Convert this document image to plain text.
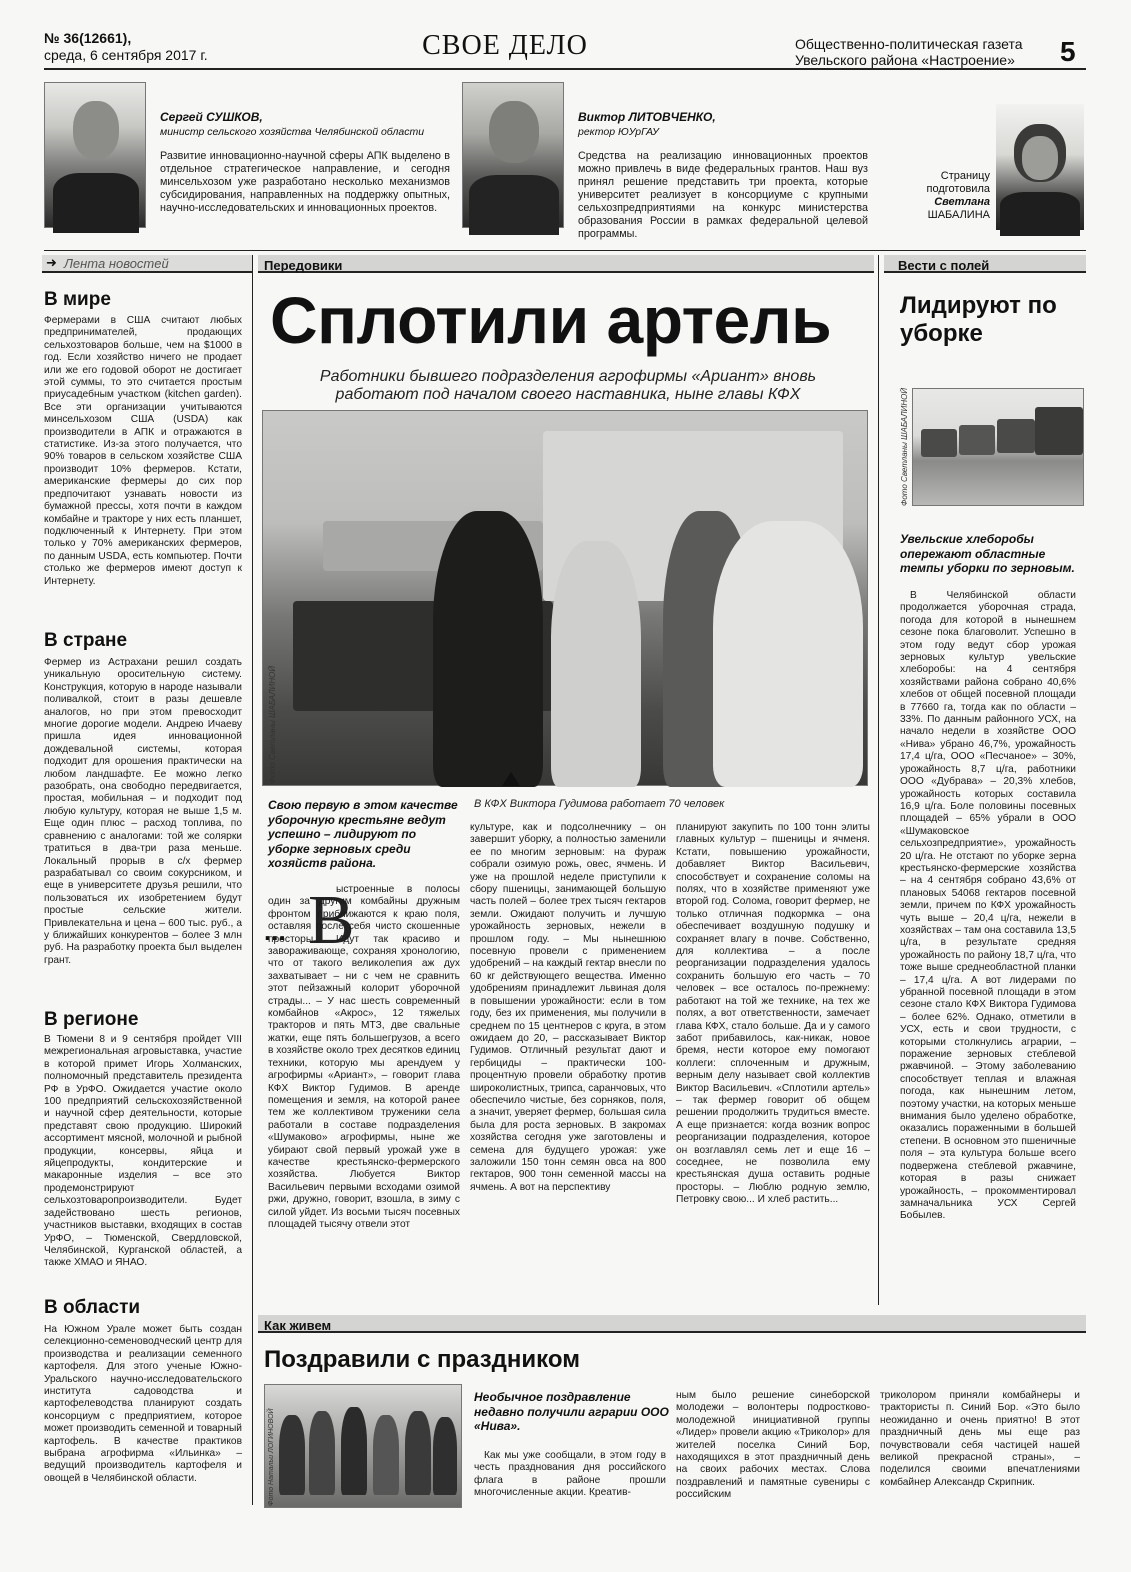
№ 36(12661),
среда, 6 сентября 2017 г.	СВОЕ ДЕЛО	Общественно-политическая газета
Увельского района «Настроение» 5
Сергей СУШКОВ,
министр сельского хозяйства Челябинской области
Развитие инновационно-научной сферы АПК выделено в отдельное стратегическое направление, и сегодня минсельхозом уже разработано несколько механизмов субсидирования, направленных на поддержку опытных, научно-исследовательских и инновационных проектов.
Виктор ЛИТОВЧЕНКО,
ректор ЮУрГАУ
Средства на реализацию инновационных проектов можно привлечь в виде федеральных грантов. Наш вуз принял решение представить три проекта, которые университет реализует в консорциуме с крупными сельхозпредприятиями на конкурс министерства образования России в рамках федеральной целевой программы.
Страницу
подготовила
Светлана
ШАБАЛИНА
➜ Лента новостей
В мире
Фермерами в США считают любых предпринимателей, продающих сельхозтоваров больше, чем на $1000 в год. Если хозяйство ничего не продает или же его годовой оборот не достигает этой суммы, то это считается простым приусадебным участком (kitchen garden). Все эти организации учитываются минсельхозом США (USDA) как производители в АПК и отражаются в статистике. Из-за этого получается, что 90% товаров в сельском хозяйстве США производит 10% фермеров. Кстати, американские фермеры до сих пор предпочитают узнавать новости из бумажной прессы, хотя почти в каждом комбайне и тракторе у них есть планшет, подключенный к Интернету. При этом только у 70% американских фермеров, по данным USDA, есть компьютер. Почти столько же фермеров имеют доступ к Интернету.
В стране
Фермер из Астрахани решил создать уникальную оросительную систему. Конструкция, которую в народе называли поливалкой, стоит в разы дешевле аналогов, но при этом превосходит многие дорогие модели. Андрею Ичаеву пришла идея инновационной дождевальной системы, которая подходит для орошения практически на любом ландшафте. Ее можно легко разобрать, она свободно передвигается, простая, мобильная – и подходит под любую культуру, которая не выше 1,5 м. Еще один плюс – расход топлива, по сравнению с аналогами: той же солярки тратиться в два-три раза меньше. Локальный прорыв в с/х фермер разрабатывал со своим сокурсником, и еще в университете друзья решили, что пользоваться их изобретением будут простые сельские жители. Привлекательна и цена – 600 тыс. руб., а у ближайших конкурентов – более 3 млн руб. На разработку проекта был выделен грант.
В регионе
В Тюмени 8 и 9 сентября пройдет VIII межрегиональная агровыставка, участие в которой примет Игорь Холманских, полномочный представитель президента РФ в УрФО. Ожидается участие около 100 предприятий сельскохозяйственной и научной сфер деятельности, которые представят свою продукцию. Широкий ассортимент мясной, молочной и рыбной продукции, консервы, яйца и яйцепродукты, кондитерские и макаронные изделия – все это продемонстрируют сельхозтоваропроизводители. Будет задействовано шесть регионов, участников выставки, входящих в состав УрФО, – Тюменской, Свердловской, Челябинской, Курганской областей, а также ХМАО и ЯНАО.
В области
На Южном Урале может быть создан селекционно-семеноводческий центр для производства и реализации семенного картофеля. Для этого ученые Южно-Уральского научно-исследовательского института садоводства и картофелеводства планируют создать консорциум с предприятием, которое может производить семенной и товарный картофель. В качестве практиков выбрана агрофирма «Ильинка» – ведущий производитель картофеля и овощей в Челябинской области.
Передовики
Сплотили артель
Работники бывшего подразделения агрофирмы «Ариант» вновь работают под началом своего наставника, ныне главы КФХ
Фото Светланы ШАБАЛИНОЙ
В КФХ Виктора Гудимова работает 70 человек
Свою первую в этом качестве уборочную крестьяне ведут успешно – лидируют по уборке зерновых среди хозяйств района.
... В
ыстроенные в полосы один за другим комбайны дружным фронтом приближаются к краю поля, оставляя после себя чисто скошенные просторы... Идут так красиво и завораживающе, сохраняя хронологию, что от такого великолепия аж дух захватывает – ни с чем не сравнить этот пейзажный колорит уборочной страды... – У нас шесть современный комбайнов «Акрос», 12 тяжелых тракторов и пять МТЗ, две свальные жатки, еще пять большегрузов, а всего в хозяйстве около трех десятков единиц техники, которую мы арендуем у агрофирмы «Ариант», – говорит глава КФХ Виктор Гудимов. В аренде помещения и земля, на которой ранее тем же коллективом труженики села работали в составе подразделения «Шумаково» агрофирмы, ныне же убирают свой первый урожай уже в качестве крестьянско-фермерского хозяйства. Любуется Виктор Васильевич первыми всходами озимой ржи, дружно, говорит, взошла, в зиму с силой уйдет. Из восьми тысяч посевных площадей тысячу отвели этот
культуре, как и подсолнечнику – он завершит уборку, а полностью заменили ее по многим зерновым: на фураж собрали озимую рожь, овес, ячмень. И уже на прошлой неделе приступили к сбору пшеницы, занимающей большую часть полей – более трех тысяч гектаров земли. Ожидают получить и лучшую урожайность зерновых, нежели в прошлом году. – Мы нынешнюю посевную провели с применением удобрений – на каждый гектар внесли по 60 кг действующего вещества. Именно удобрениям принадлежит львиная доля в повышении урожайности: если в том году, без их применения, мы получили в среднем по 15 центнеров с круга, в этом ожидаем до 20, – рассказывает Виктор Гудимов. Отличный результат дают и гербициды – практически 100-процентную провели обработку против широколистных, трипса, саранчовых, что обеспечило чистые, без сорняков, поля, а значит, уверяет фермер, большая сила была для роста зерновых. В закромах хозяйства сегодня уже заготовлены и семена для будущего урожая: уже заложили 150 тонн семян овса на 800 гектаров, 900 тонн семенной массы на ячмень. А вот на перспективу
планируют закупить по 100 тонн элиты главных культур – пшеницы и ячменя. Кстати, повышению урожайности, добавляет Виктор Васильевич, способствует и сохранение соломы на полях, что в хозяйстве применяют уже второй год. Солома, говорит фермер, не только отличная подкормка – она обеспечивает воздушную подушку и сохраняет влагу в почве. Собственно, для коллектива – а после реорганизации подразделения удалось сохранить большую его часть – 70 человек – все осталось по-прежнему: работают на той же технике, на тех же полях, а вот ответственности, замечает глава КФХ, стало больше. Да и у самого забот прибавилось, как-никак, новое бремя, нести которое ему помогают коллеги: сплоченным и дружным, верным делу называет свой коллектив Виктор Васильевич. «Сплотили артель» – так фермер говорит об общем решении продолжить трудиться вместе. А еще признается: когда возник вопрос реорганизации подразделения, которое он возглавлял семь лет и еще 16 – соседнее, не позволила ему крестьянская душа оставить родные просторы. – Люблю родную землю, Петровку свою... И хлеб растить...
Вести с полей
Лидируют по уборке
Фото Светланы ШАБАЛИНОЙ
Увельские хлеборобы опережают областные темпы уборки по зерновым.
В Челябинской области продолжается уборочная страда, погода для которой в нынешнем сезоне пока благоволит. Успешно в этом году ведут сбор урожая зерновых культур увельские хлеборобы: на 4 сентября хозяйствами района собрано 40,6% хлебов от общей посевной площади в 77660 га, тогда как по области – 33%. По данным районного УСХ, на начало недели в хозяйстве ООО «Нива» убрано 46,7%, урожайность 17,4 ц/га, ООО «Песчаное» – 30%, урожайность 8,7 ц/га, работники ООО «Дубрава» – 20,3% хлебов, урожайность которых составила 16,9 ц/га. Боле половины посевных площадей – 65% убрали в ООО «Шумаковское сельхозпредприятие», урожайность 20 ц/га. Не отстают по уборке зерна крестьянско-фермерские хозяйства – на 4 сентября собрано 43,6% от плановых 54068 гектаров посевной земли, причем по КФХ урожайность чуть выше – 20,4 ц/га, нежели в хозяйствах – там она составила 13,5 ц/га, в результате средняя урожайность по району 18,7 ц/га, что тоже выше среднеобластной планки – 17,4 ц/га. А вот лидерами по убранной посевной площади в этом сезоне стало КФХ Виктора Гудимова – более 62%. Однако, отметили в УСХ, есть и свои трудности, с которыми столкнулись аграрии, – поражение зерновых стеблевой ржавчиной. – Этому заболеванию способствует теплая и влажная погода, как нынешним летом, поэтому участки, на которых меньше внимания было уделено обработке, оказались пораженными в большей степени. В основном это пшеничные поля – эта культура больше всего подвержена стеблевой ржавчине, которая в разы снижает урожайность, – прокомментировал замначальника УСХ Сергей Бобылев.
Как живем
Поздравили с праздником
Фото Натальи ЛОГИНОВОЙ
Необычное поздравление недавно получили аграрии ООО «Нива».
Как мы уже сообщали, в этом году в честь празднования дня российского флага в районе прошли многочисленные акции. Креатив-
ным было решение синеборской молодежи – волонтеры подростково-молодежной инициативной группы «Лидер» провели акцию «Триколор» для жителей поселка Синий Бор, находящихся в этот праздничный день на своих рабочих местах. Слова поздравлений и памятные сувениры с российским
триколором приняли комбайнеры и трактористы п. Синий Бор. «Это было неожиданно и очень приятно! В этот праздничный день мы еще раз почувствовали себя частицей нашей великой прекрасной страны», – поделился своими впечатлениями комбайнер Александр Скрипник.
